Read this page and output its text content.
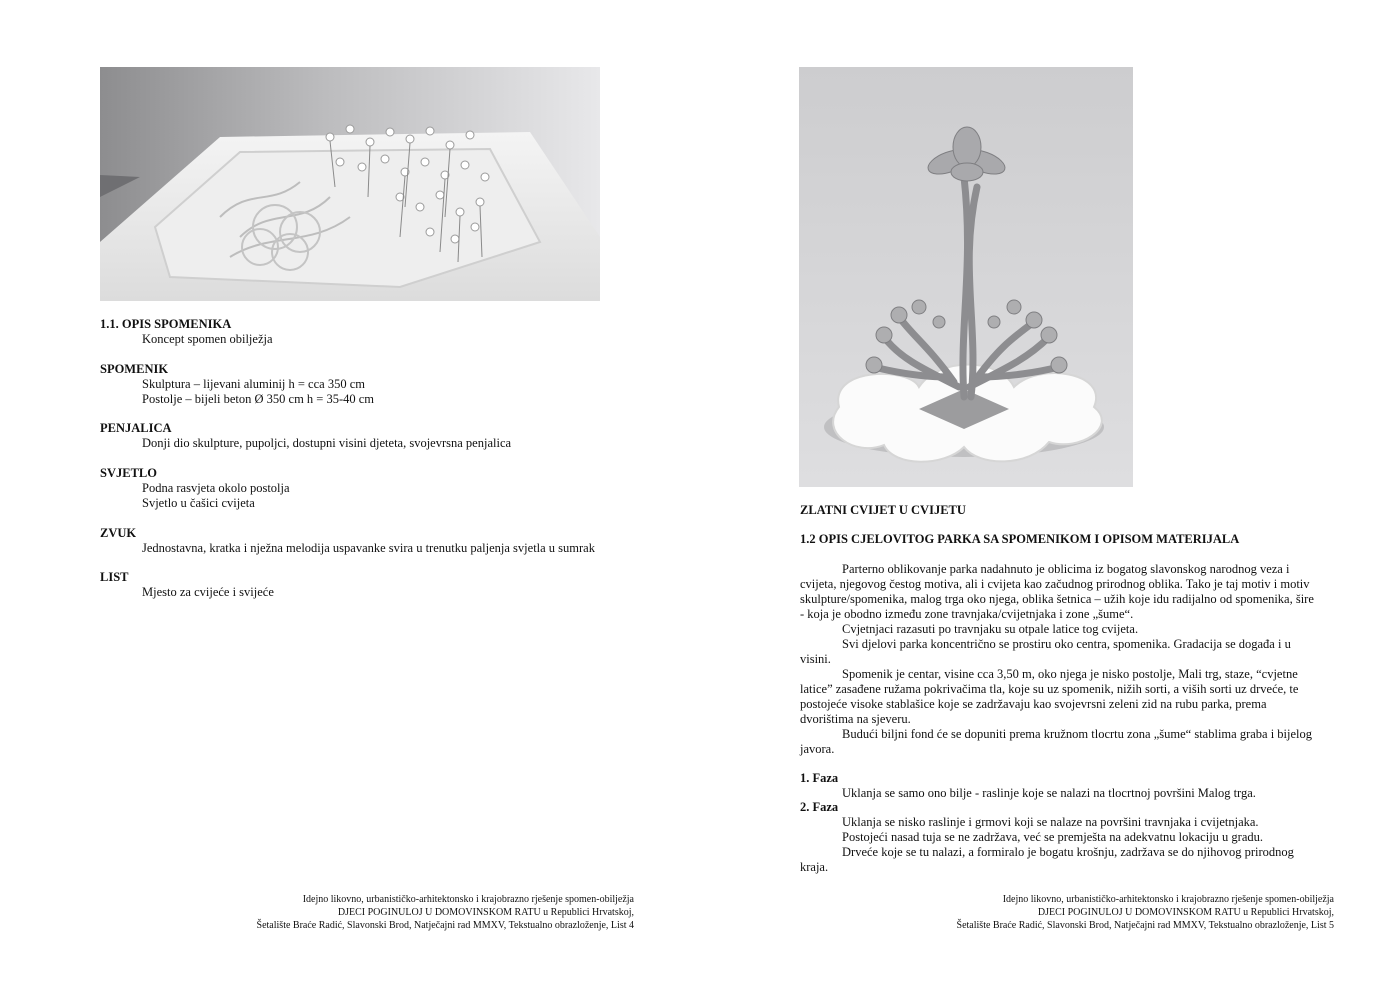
1.1. OPIS SPOMENIKA

Koncept spomen obilježja

SPOMENIK

Skulptura – lijevani aluminij h = cca 350 cm

Postolje – bijeli beton Ø 350 cm h = 35-40 cm

PENJALICA

Donji dio skulpture, pupoljci, dostupni visini djeteta, svojevrsna penjalica

SVJETLO

Podna rasvjeta okolo postolja

Svjetlo u čašici cvijeta

ZVUK

Jednostavna, kratka i nježna melodija uspavanke svira u trenutku paljenja svjetla u sumrak

LIST

Mjesto za cvijeće i svijeće

Idejno likovno, urbanističko-arhitektonsko i krajobrazno rješenje spomen-obilježja
DJECI POGINULOJ U DOMOVINSKOM RATU u Republici Hrvatskoj,
Šetalište Braće Radić, Slavonski Brod, Natječajni rad MMXV, Tekstualno obrazloženje, List 4

ZLATNI CVIJET U CVIJETU

1.2 OPIS CJELOVITOG PARKA SA SPOMENIKOM I OPISOM MATERIJALA

Parterno oblikovanje parka nadahnuto je oblicima iz bogatog slavonskog narodnog veza i
cvijeta, njegovog čestog motiva, ali i cvijeta kao začudnog prirodnog oblika. Tako je taj motiv i motiv
skulpture/spomenika, malog trga oko njega, oblika šetnica – užih koje idu radijalno od spomenika, šire
- koja je obodno između zone travnjaka/cvijetnjaka i zone „šume“.
Cvjetnjaci razasuti po travnjaku su otpale latice tog cvijeta.
Svi djelovi parka koncentrično se prostiru oko centra, spomenika. Gradacija se događa i u
visini.
Spomenik je centar, visine cca 3,50 m, oko njega je nisko postolje, Mali trg, staze, “cvjetne
latice” zasađene ružama pokrivačima tla, koje su uz spomenik, nižih sorti, a viših sorti uz drveće, te
postojeće visoke stablašice koje se zadržavaju kao svojevrsni zeleni zid na rubu parka, prema
dvorištima na sjeveru.
Budući biljni fond će se dopuniti prema kružnom tlocrtu zona „šume“ stablima graba i bijelog
javora.

1. Faza

Uklanja se samo ono bilje - raslinje koje se nalazi na tlocrtnoj površini Malog trga.

2. Faza

Uklanja se nisko raslinje i grmovi koji se nalaze na površini travnjaka i cvijetnjaka.

Postojeći nasad tuja se ne zadržava, već se premješta na adekvatnu lokaciju u gradu.

Drveće koje se tu nalazi, a formiralo je bogatu krošnju, zadržava se do njihovog prirodnog

kraja.

Idejno likovno, urbanističko-arhitektonsko i krajobrazno rješenje spomen-obilježja
DJECI POGINULOJ U DOMOVINSKOM RATU u Republici Hrvatskoj,
Šetalište Braće Radić, Slavonski Brod, Natječajni rad MMXV, Tekstualno obrazloženje, List 5
